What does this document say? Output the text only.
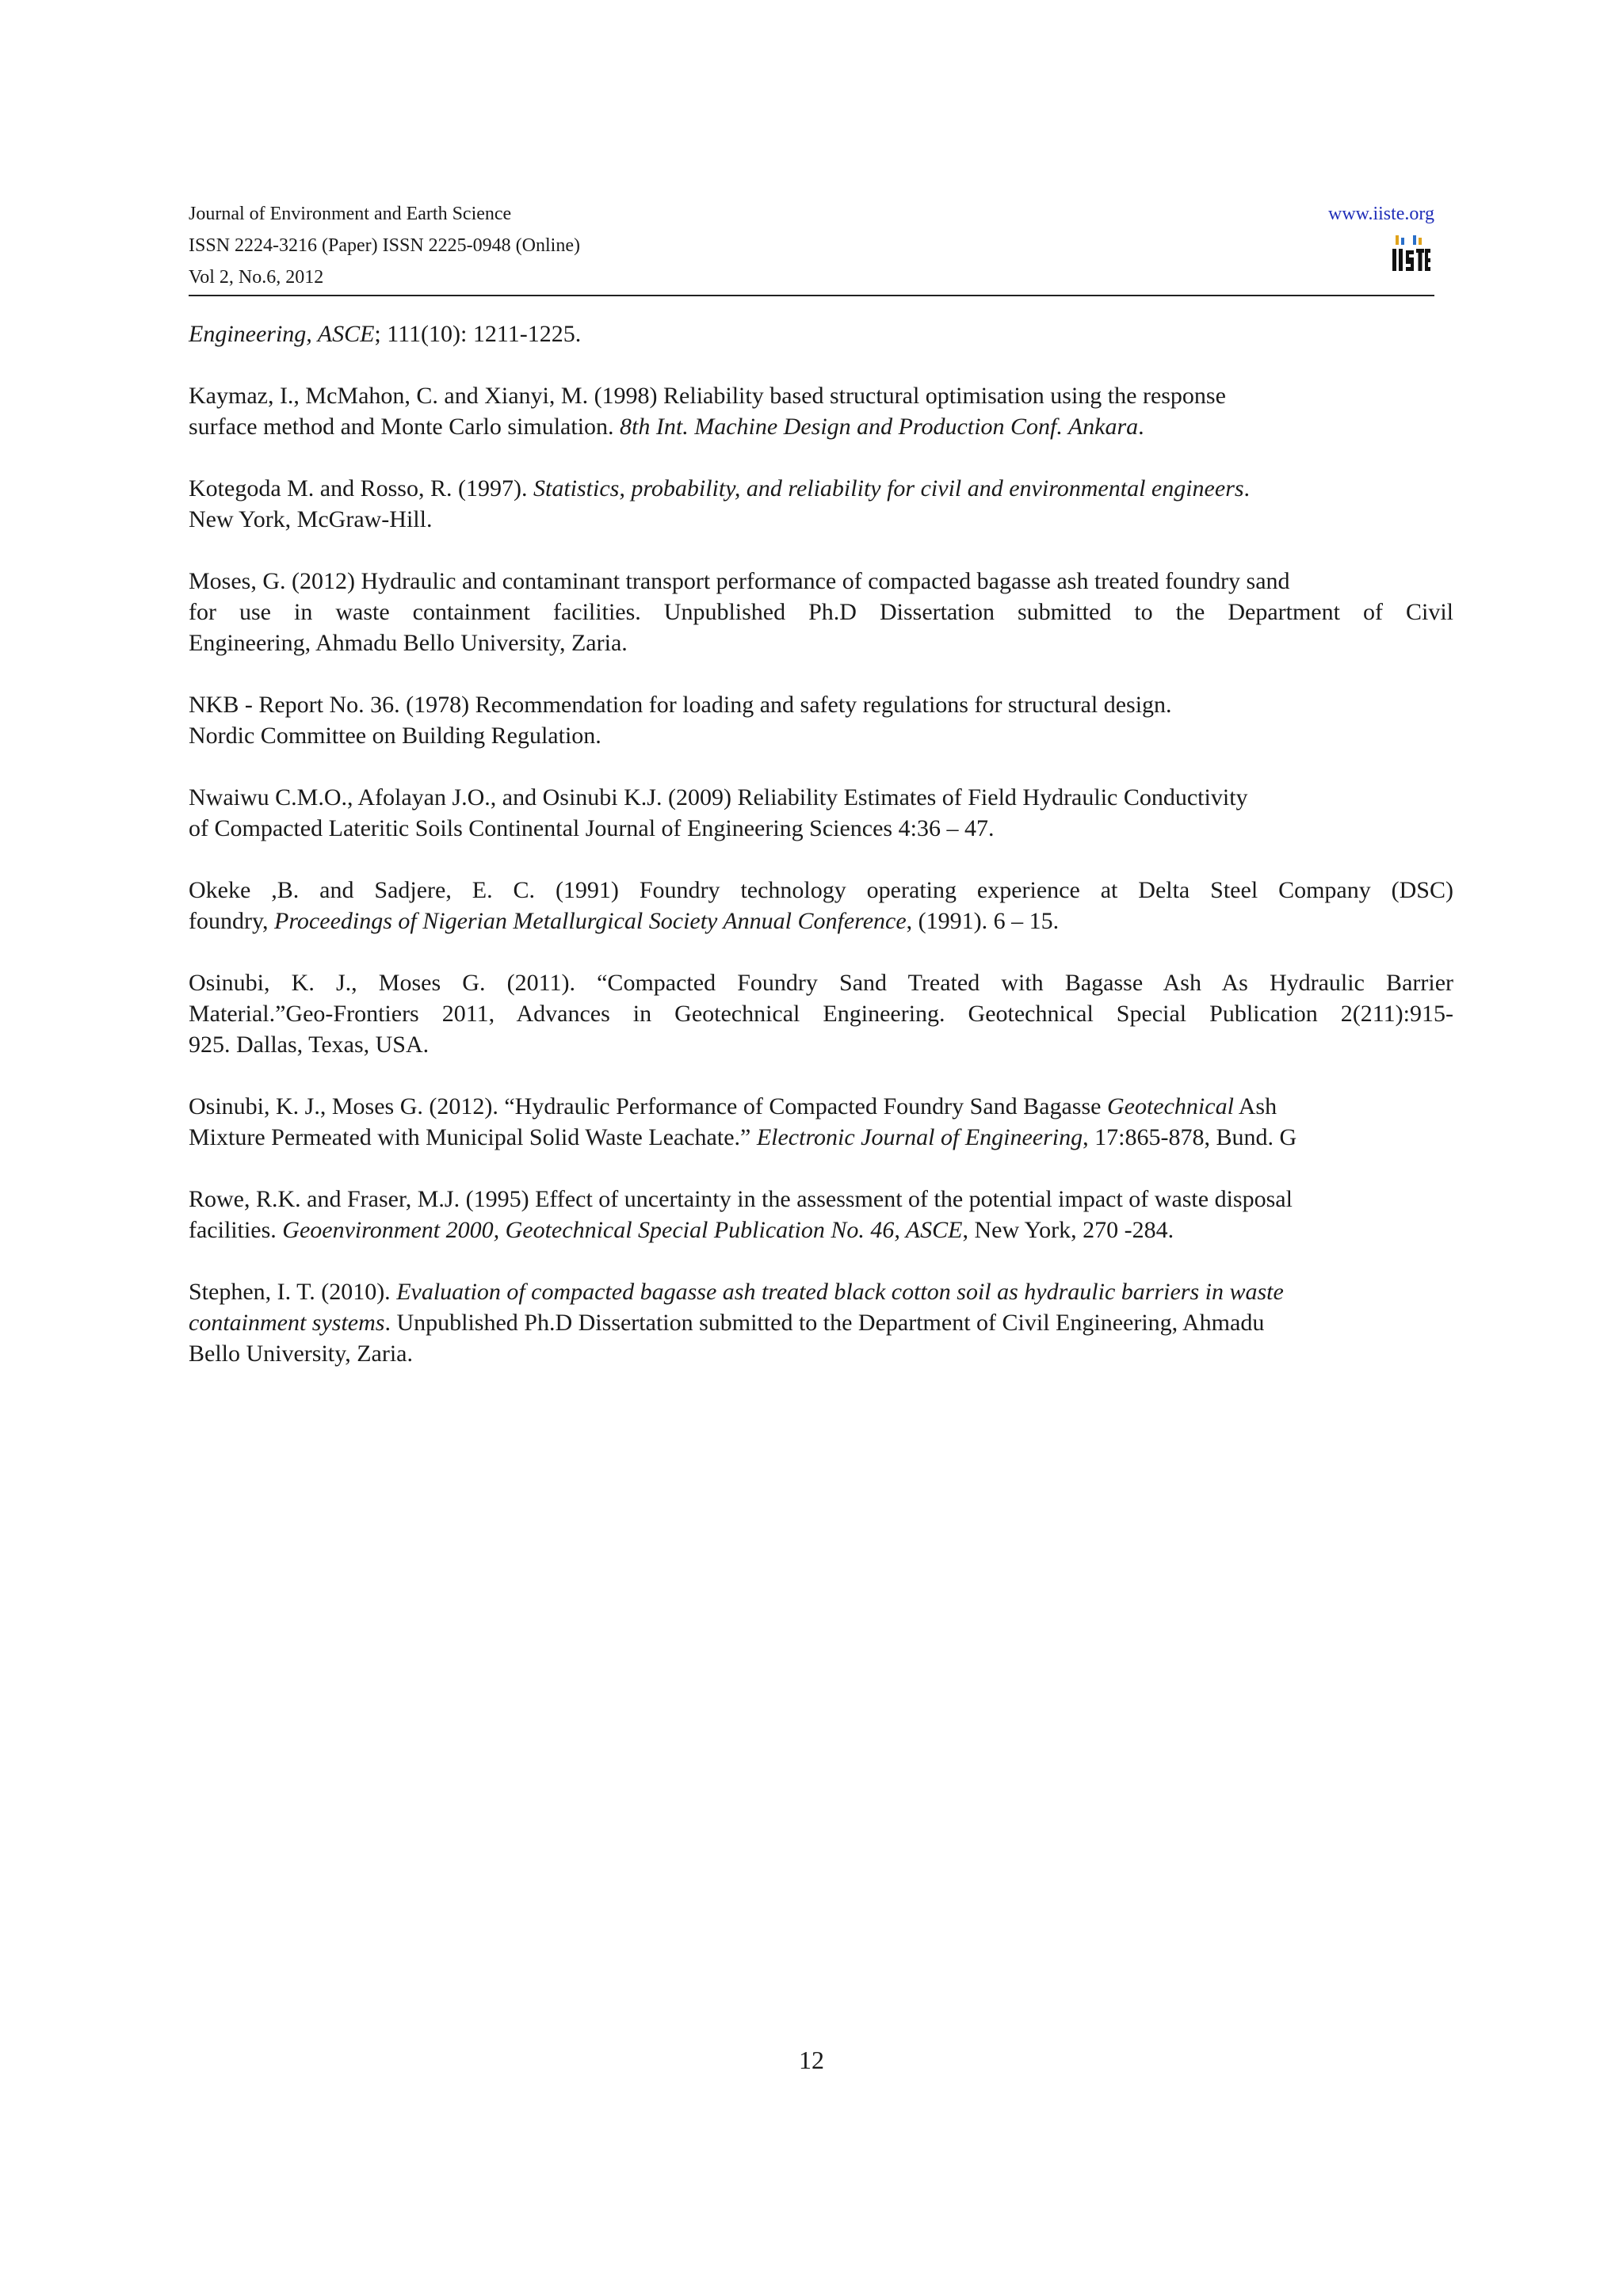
Journal of Environment and Earth Science
ISSN 2224-3216 (Paper) ISSN 2225-0948 (Online)
Vol 2, No.6, 2012
www.iiste.org
Engineering, ASCE; 111(10): 1211-1225.
Kaymaz, I., McMahon, C. and Xianyi, M. (1998) Reliability based structural optimisation using the response
surface method and Monte Carlo simulation. 8th Int. Machine Design and Production Conf. Ankara.
Kotegoda M. and Rosso, R. (1997). Statistics, probability, and reliability for civil and environmental engineers.
New York, McGraw-Hill.
Moses, G. (2012) Hydraulic and contaminant transport performance of compacted bagasse ash treated foundry sand
for use in waste containment facilities. Unpublished Ph.D Dissertation submitted to the Department of Civil
Engineering, Ahmadu Bello University, Zaria.
NKB - Report No. 36. (1978) Recommendation for loading and safety regulations for structural design.
Nordic Committee on Building Regulation.
Nwaiwu C.M.O., Afolayan J.O., and Osinubi K.J. (2009) Reliability Estimates of Field Hydraulic Conductivity
of Compacted Lateritic Soils Continental Journal of Engineering Sciences 4:36 – 47.
Okeke ,B. and Sadjere, E. C. (1991) Foundry technology operating experience at Delta Steel Company (DSC)
foundry, Proceedings of Nigerian Metallurgical Society Annual Conference, (1991). 6 – 15.
Osinubi, K. J., Moses G. (2011). “Compacted Foundry Sand Treated with Bagasse Ash As Hydraulic Barrier
Material.”Geo-Frontiers 2011, Advances in Geotechnical Engineering. Geotechnical Special Publication 2(211):915-
925. Dallas, Texas, USA.
Osinubi, K. J., Moses G. (2012). “Hydraulic Performance of Compacted Foundry Sand Bagasse Geotechnical Ash
Mixture Permeated with Municipal Solid Waste Leachate.” Electronic Journal of Engineering, 17:865-878, Bund. G
Rowe, R.K. and Fraser, M.J. (1995) Effect of uncertainty in the assessment of the potential impact of waste disposal
facilities. Geoenvironment 2000, Geotechnical Special Publication No. 46, ASCE, New York, 270 -284.
Stephen, I. T. (2010). Evaluation of compacted bagasse ash treated black cotton soil as hydraulic barriers in waste
containment systems. Unpublished Ph.D Dissertation submitted to the Department of Civil Engineering, Ahmadu
Bello University, Zaria.
12
